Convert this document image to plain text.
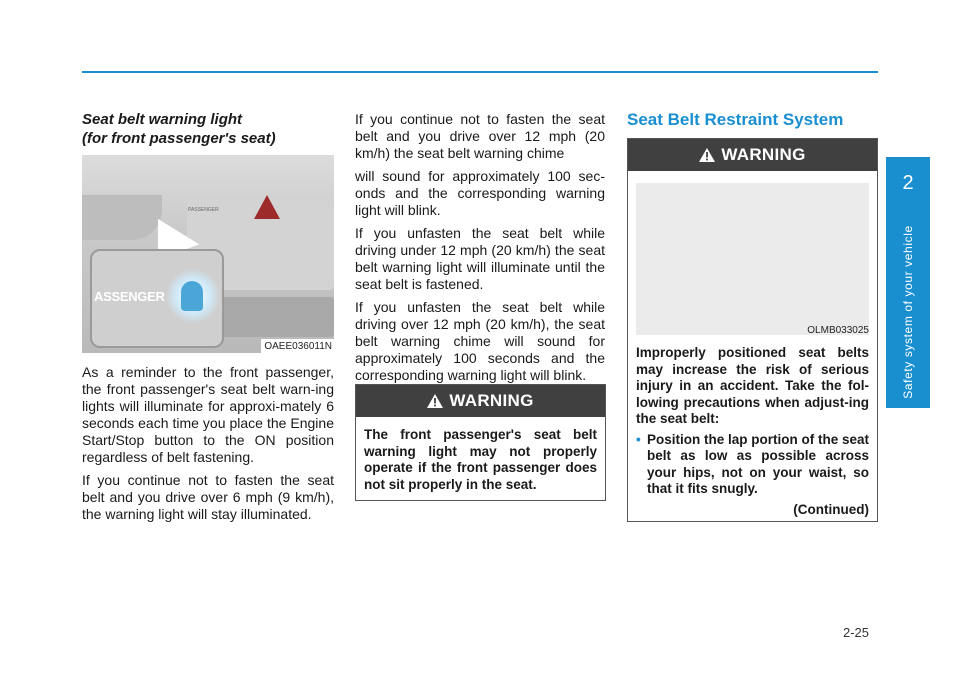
Seat belt warning light
(for front passenger's seat)
PASSENGER
ASSENGER
OAEE036011N

As a reminder to the front passenger, the front passenger's seat belt warn-ing lights will illuminate for approxi-mately 6 seconds each time you place the Engine Start/Stop button to the ON position regardless of belt fastening.

If you continue not to fasten the seat belt and you drive over 6 mph (9 km/h), the warning light will stay illuminated.

If you continue not to fasten the seat belt and you drive over 12 mph (20 km/h) the seat belt warning chime

will sound for approximately 100 sec-onds and the corresponding warning light will blink.

If you unfasten the seat belt while driving under 12 mph (20 km/h) the seat belt warning light will illuminate until the seat belt is fastened.

If you unfasten the seat belt while driving over 12 mph (20 km/h), the seat belt warning chime will sound for approximately 100 seconds and the corresponding warning light will blink.

WARNING
The front passenger's seat belt warning light may not properly operate if the front passenger does not sit properly in the seat.
Seat Belt Restraint System
WARNING
OLMB033025
Improperly positioned seat belts may increase the risk of serious injury in an accident. Take the fol-lowing precautions when adjust-ing the seat belt:
• Position the lap portion of the seat belt as low as possible across your hips, not on your waist, so that it fits snugly.
(Continued)
2
Safety system of your vehicle
2-25
